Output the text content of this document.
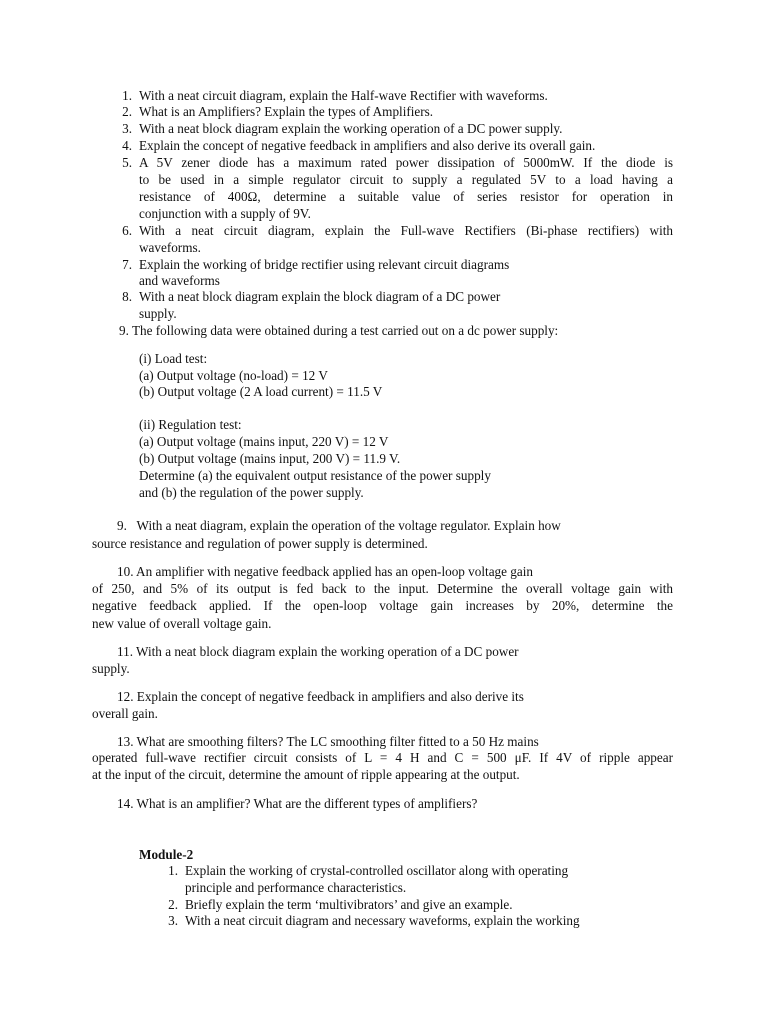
1. With a neat circuit diagram, explain the Half-wave Rectifier with waveforms.
2. What is an Amplifiers? Explain the types of Amplifiers.
3. With a neat block diagram explain the working operation of a DC power supply.
4. Explain the concept of negative feedback in amplifiers and also derive its overall gain.
5. A 5V zener diode has a maximum rated power dissipation of 5000mW. If the diode is
to be used in a simple regulator circuit to supply a regulated 5V to a load having a
resistance of 400Ω, determine a suitable value of series resistor for operation in
conjunction with a supply of 9V.
6. With a neat circuit diagram, explain the Full-wave Rectifiers (Bi-phase rectifiers) with
waveforms.
7. Explain the working of bridge rectifier using relevant circuit diagrams
and waveforms
8. With a neat block diagram explain the block diagram of a DC power
supply.
9. The following data were obtained during a test carried out on a dc power supply:
(i) Load test:
(a) Output voltage (no-load) = 12 V
(b) Output voltage (2 A load current) = 11.5 V
(ii) Regulation test:
(a) Output voltage (mains input, 220 V) = 12 V
(b) Output voltage (mains input, 200 V) = 11.9 V.
Determine (a) the equivalent output resistance of the power supply
and (b) the regulation of the power supply.
9.   With a neat diagram, explain the operation of the voltage regulator. Explain how
source resistance and regulation of power supply is determined.
10. An amplifier with negative feedback applied has an open-loop voltage gain
of 250, and 5% of its output is fed back to the input. Determine the overall voltage gain with
negative feedback applied. If the open-loop voltage gain increases by 20%, determine the
new value of overall voltage gain.
11. With a neat block diagram explain the working operation of a DC power
supply.
12. Explain the concept of negative feedback in amplifiers and also derive its
overall gain.
13. What are smoothing filters? The LC smoothing filter fitted to a 50 Hz mains
operated full-wave rectifier circuit consists of L = 4 H and C = 500 μF. If 4V of ripple appear
at the input of the circuit, determine the amount of ripple appearing at the output.
14. What is an amplifier? What are the different types of amplifiers?
Module-2
1. Explain the working of crystal-controlled oscillator along with operating
principle and performance characteristics.
2. Briefly explain the term ‘multivibrators’ and give an example.
3. With a neat circuit diagram and necessary waveforms, explain the working
